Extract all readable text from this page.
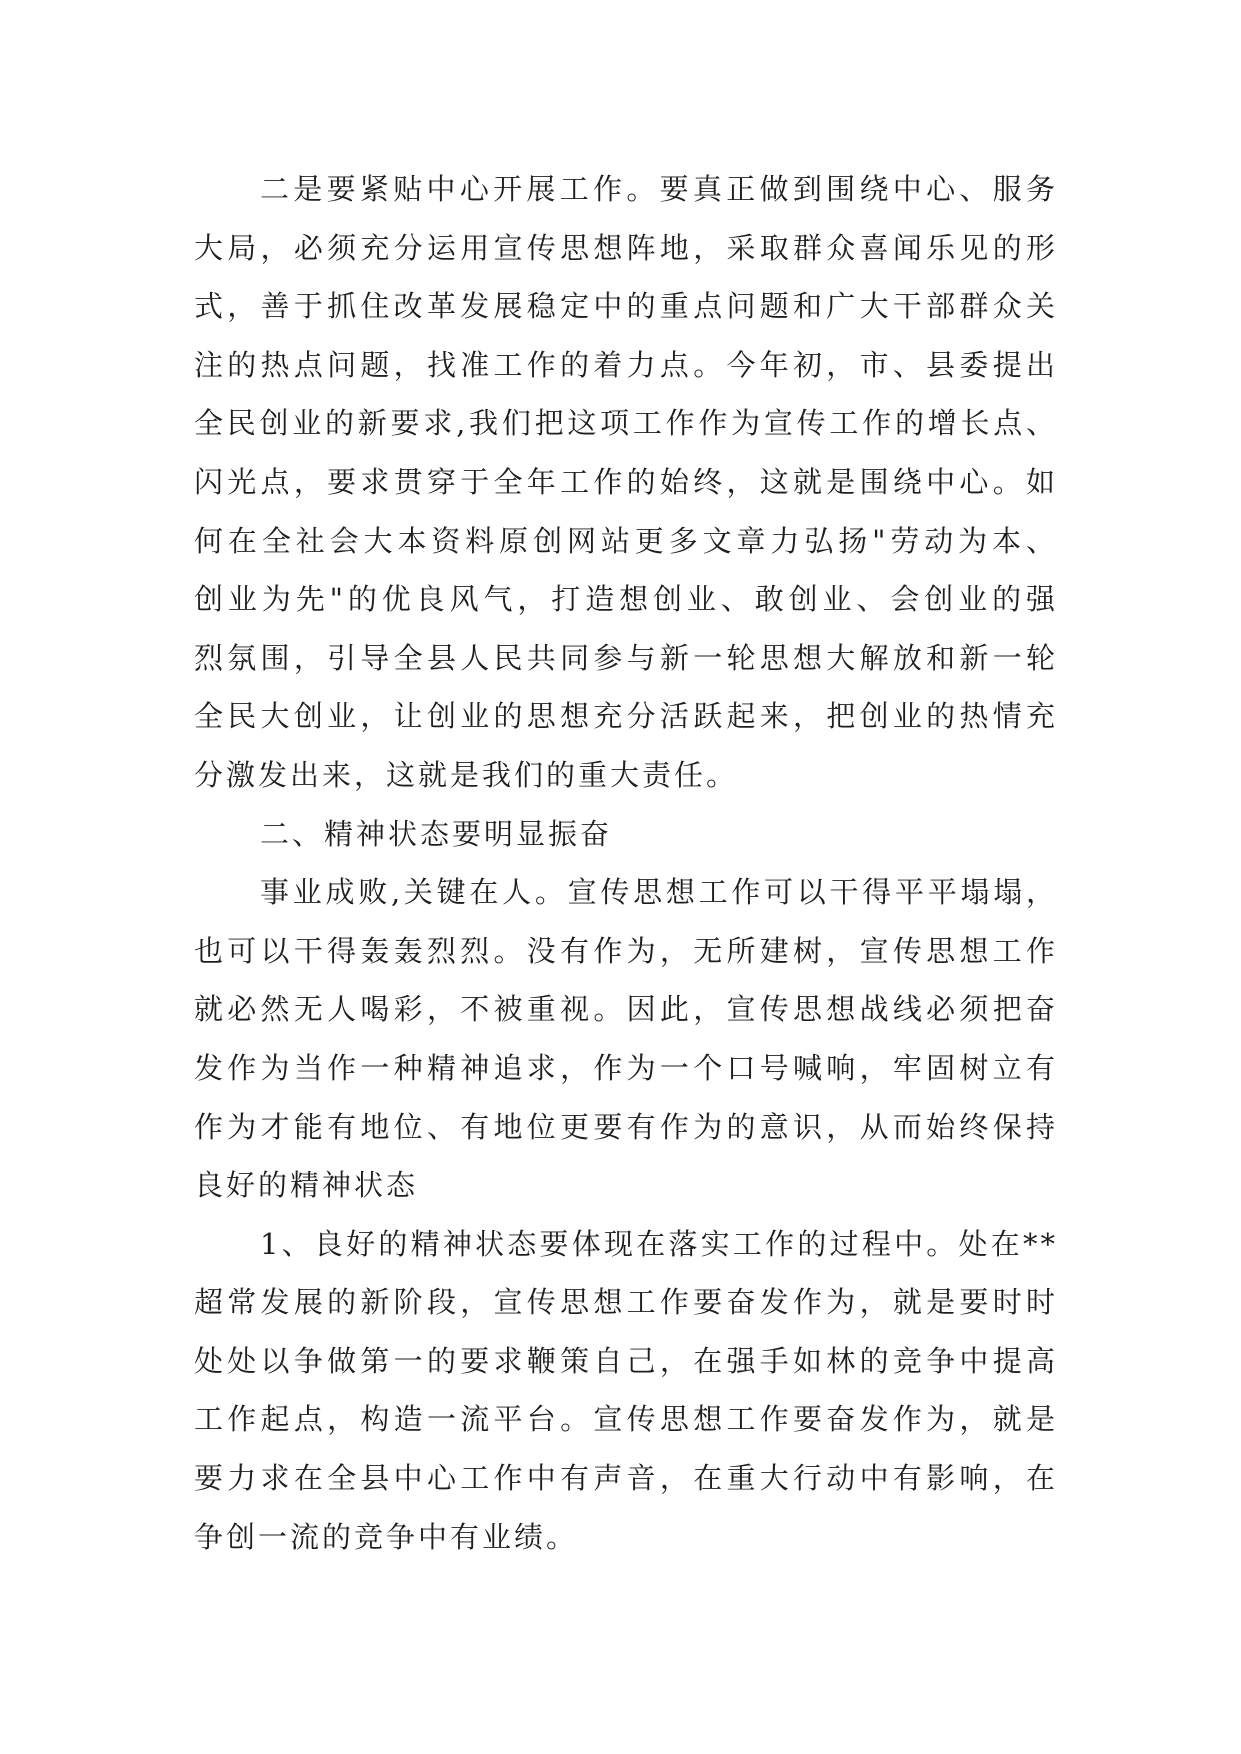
二是要紧贴中心开展工作。要真正做到围绕中心、服务
大局，必须充分运用宣传思想阵地，采取群众喜闻乐见的形
式，善于抓住改革发展稳定中的重点问题和广大干部群众关
注的热点问题，找准工作的着力点。今年初，市、县委提出
全民创业的新要求,我们把这项工作作为宣传工作的增长点、
闪光点，要求贯穿于全年工作的始终，这就是围绕中心。如
何在全社会大本资料原创网站更多文章力弘扬"劳动为本、
创业为先"的优良风气，打造想创业、敢创业、会创业的强
烈氛围，引导全县人民共同参与新一轮思想大解放和新一轮
全民大创业，让创业的思想充分活跃起来，把创业的热情充
分激发出来，这就是我们的重大责任。
二、精神状态要明显振奋
事业成败,关键在人。宣传思想工作可以干得平平塌塌，
也可以干得轰轰烈烈。没有作为，无所建树，宣传思想工作
就必然无人喝彩，不被重视。因此，宣传思想战线必须把奋
发作为当作一种精神追求，作为一个口号喊响，牢固树立有
作为才能有地位、有地位更要有作为的意识，从而始终保持
良好的精神状态
1、良好的精神状态要体现在落实工作的过程中。处在**
超常发展的新阶段，宣传思想工作要奋发作为，就是要时时
处处以争做第一的要求鞭策自己，在强手如林的竞争中提高
工作起点，构造一流平台。宣传思想工作要奋发作为，就是
要力求在全县中心工作中有声音，在重大行动中有影响，在
争创一流的竞争中有业绩。
